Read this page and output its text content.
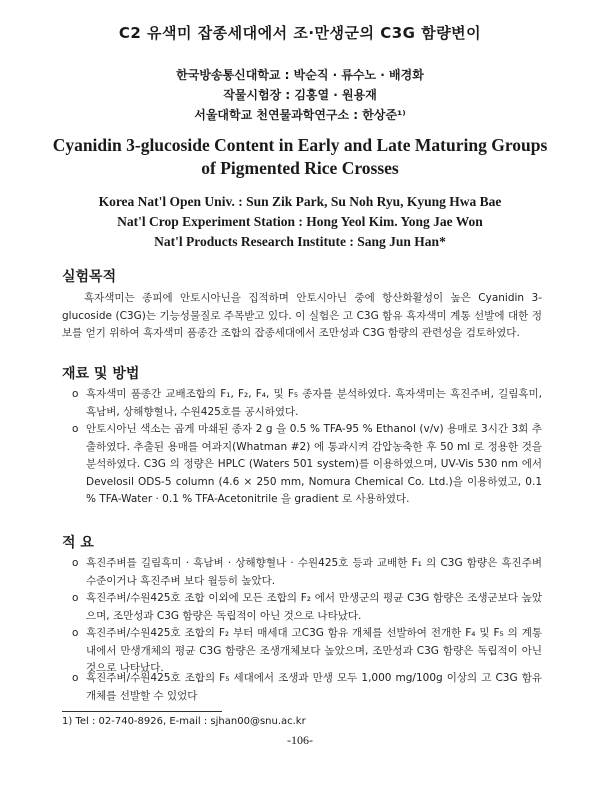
C2 유색미 잡종세대에서 조·만생군의 C3G 함량변이
한국방송통신대학교 : 박순직 · 류수노 · 배경화
작물시험장 : 김홍열 · 원용재
서울대학교 천연물과학연구소 : 한상준¹⁾
Cyanidin 3-glucoside Content in Early and Late Maturing Groups
of Pigmented Rice Crosses
Korea Nat'l Open Univ. : Sun Zik Park, Su Noh Ryu, Kyung Hwa Bae
Nat'l Crop Experiment Station : Hong Yeol Kim. Yong Jae Won
Nat'l Products Research Institute : Sang Jun Han*
실험목적
흑자색미는 종피에 안토시아닌을 집적하며 안토시아닌 중에 항산화활성이 높은 Cyanidin 3-glucoside (C3G)는 기능성물질로 주목받고 있다. 이 실험은 고 C3G 함유 흑자색미 계통 선발에 대한 정보를 얻기 위하여 흑자색미 품종간 조합의 잡종세대에서 조만성과 C3G 함량의 관련성을 검토하였다.
재료 및 방법
o 흑자색미 품종간 교배조합의 F₁, F₂, F₄, 및 F₅ 종자를 분석하였다. 흑자색미는 흑진주벼, 길림흑미, 흑남벼, 상해향혈나, 수원425호를 공시하였다.
o 안토시아닌 색소는 곱게 마쇄된 종자 2 g 을 0.5 % TFA-95 % Ethanol (v/v) 용매로 3시간 3회 추출하였다. 추출된 용매를 여과지(Whatman #2) 에 통과시켜 감압농축한 후 50 ml 로 정용한 것을 분석하였다. C3G 의 정량은 HPLC (Waters 501 system)를 이용하였으며, UV-Vis 530 nm 에서 Develosil ODS-5 column (4.6 × 250 mm, Nomura Chemical Co. Ltd.)을 이용하였고, 0.1 % TFA-Water · 0.1 % TFA-Acetonitrile 을 gradient 로 사용하였다.
적 요
o 흑진주벼를 길림흑미 · 흑남벼 · 상해향혈나 · 수원425호 등과 교배한 F₁ 의 C3G 함량은 흑진주벼 수준이거나 흑진주벼 보다 월등히 높았다.
o 흑진주벼/수원425호 조합 이외에 모든 조합의 F₂ 에서 만생군의 평균 C3G 함량은 조생군보다 높았으며, 조만성과 C3G 함량은 독립적이 아닌 것으로 나타났다.
o 흑진주벼/수원425호 조합의 F₂ 부터 매세대 고C3G 함유 개체를 선발하여 전개한 F₄ 및 F₅ 의 계통내에서 만생개체의 평균 C3G 함량은 조생개체보다 높았으며, 조만성과 C3G 함량은 독립적이 아닌 것으로 나타났다.
o 흑진주벼/수원425호 조합의 F₅ 세대에서 조생과 만생 모두 1,000 mg/100g 이상의 고 C3G 함유 개체를 선발할 수 있었다
1) Tel : 02-740-8926, E-mail : sjhan00@snu.ac.kr
-106-
